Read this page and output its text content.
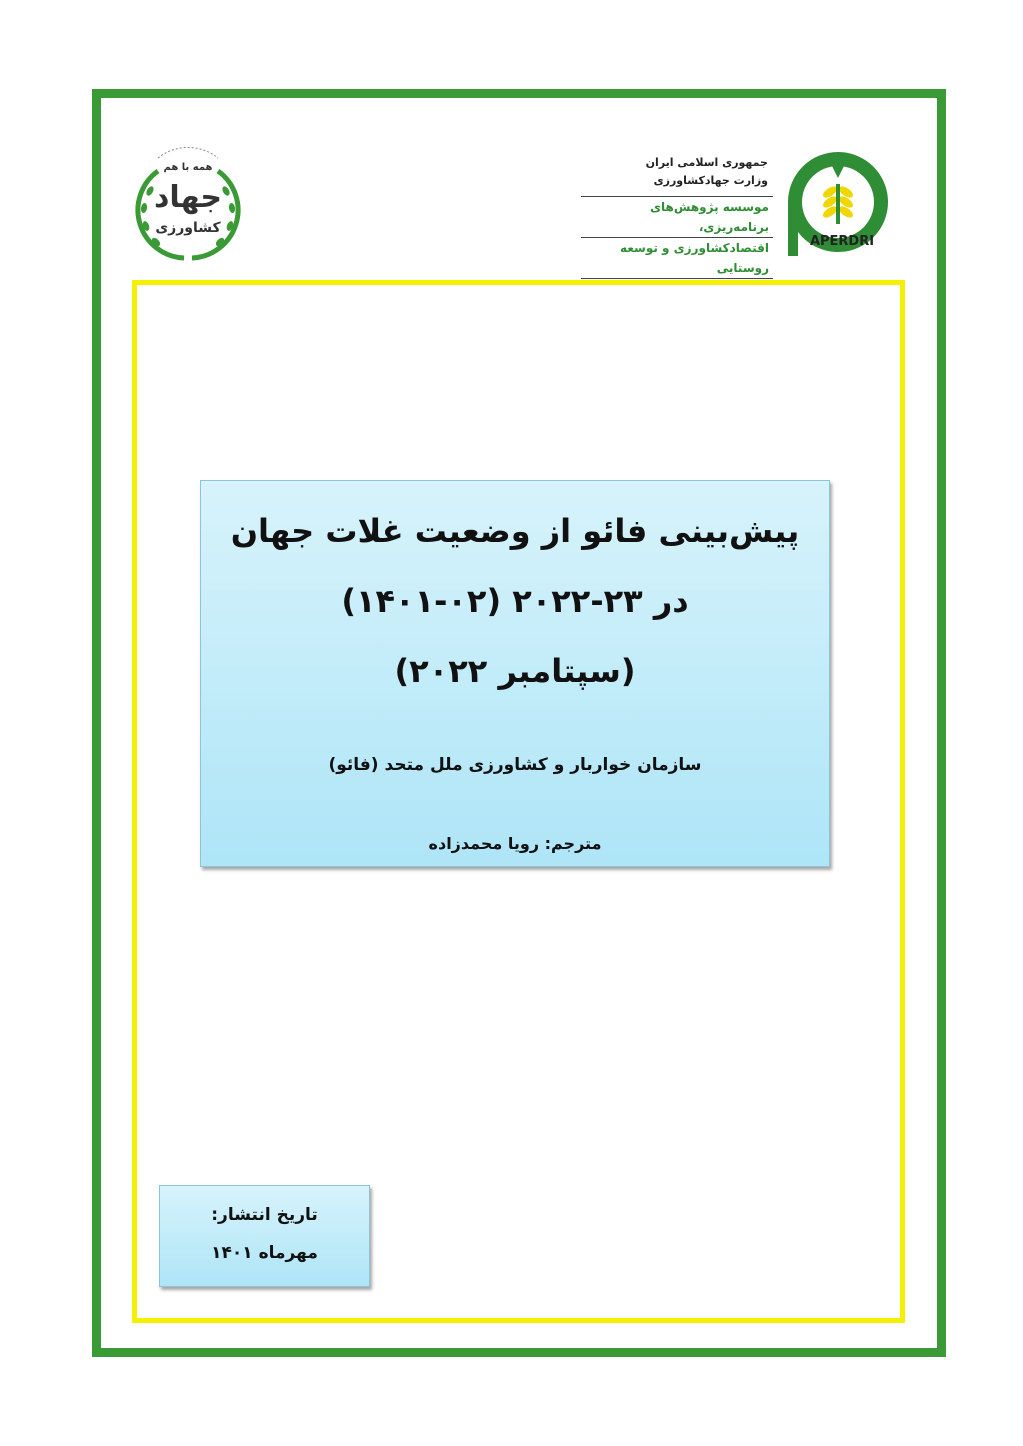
همه با هم
جهاد
کشاورزی
جمهوری اسلامی ایران
وزارت جهادکشاورزی
موسسه پژوهش‌های برنامه‌ریزی،
اقتصادکشاورزی و توسعه روستایی
APERDRI
پیش‌بینی فائو از وضعیت غلات جهان
در ۲۳-۲۰۲۲ (۰۲-۱۴۰۱)
(سپتامبر ۲۰۲۲)
سازمان خواربار و کشاورزی ملل متحد (فائو)
مترجم: رویا محمدزاده
تاریخ انتشار:
مهرماه ۱۴۰۱
